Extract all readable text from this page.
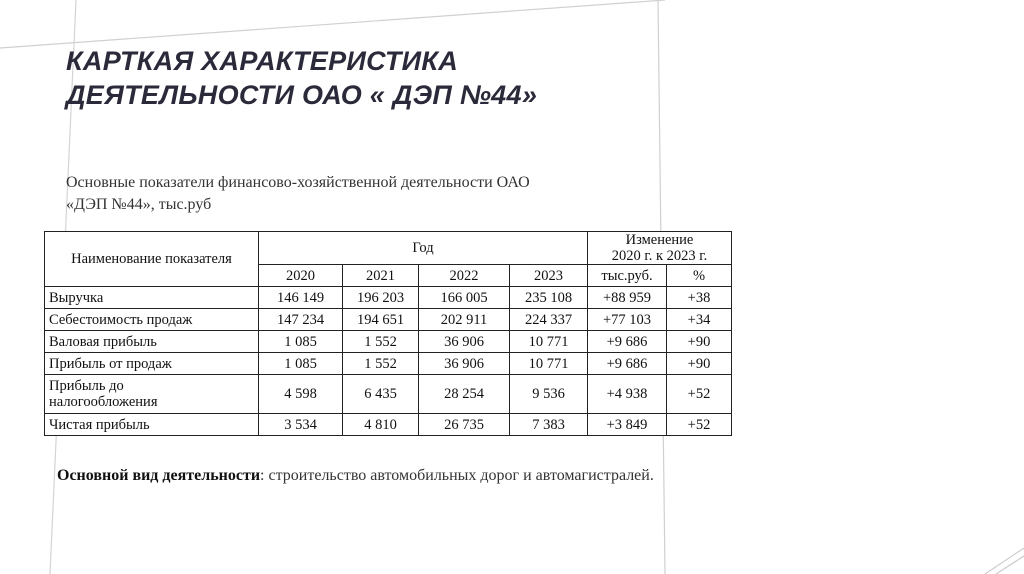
КАРТКАЯ ХАРАКТЕРИСТИКА
ДЕЯТЕЛЬНОСТИ ОАО « ДЭП №44»

Основные показатели финансово-хозяйственной деятельности ОАО
«ДЭП №44», тыс.руб

Наименование показателя	Год				Изменение
2020 г. к 2023 г.	
	2020	2021	2022	2023	тыс.руб.	%
Выручка	146 149	196 203	166 005	235 108	+88 959	+38
Себестоимость продаж	147 234	194 651	202 911	224 337	+77 103	+34
Валовая прибыль	1 085	1 552	36 906	10 771	+9 686	+90
Прибыль от продаж	1 085	1 552	36 906	10 771	+9 686	+90
Прибыль до
налогообложения	4 598	6 435	28 254	9 536	+4 938	+52
Чистая прибыль	3 534	4 810	26 735	7 383	+3 849	+52

Основной вид деятельности: строительство автомобильных дорог и автомагистралей.
